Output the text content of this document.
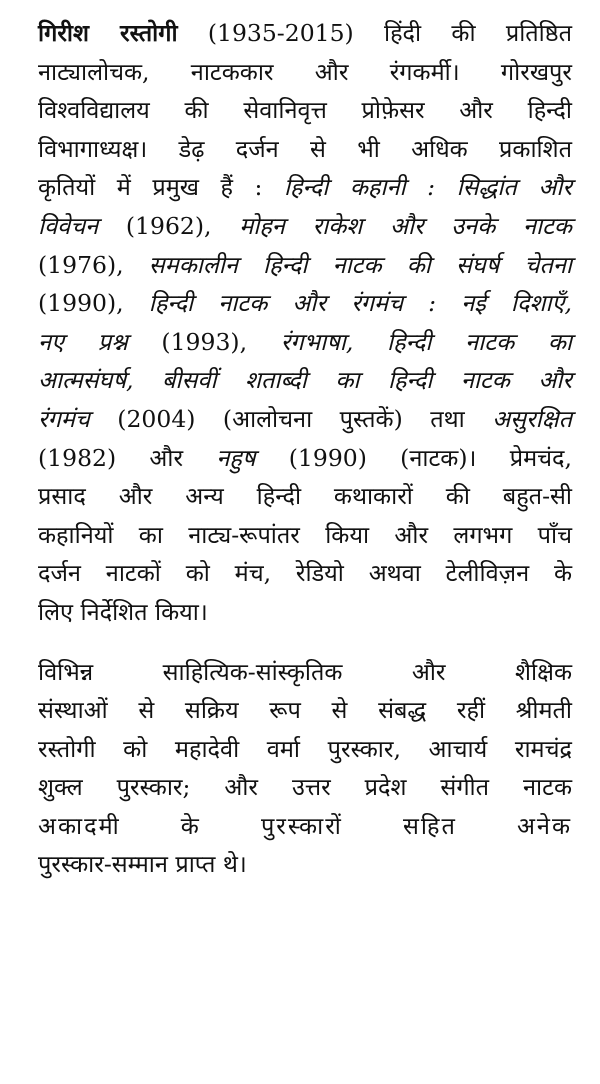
गिरीश रस्तोगी (1935-2015) हिंदी की प्रतिष्ठित
नाट्यालोचक, नाटककार और रंगकर्मी। गोरखपुर
विश्वविद्यालय की सेवानिवृत्त प्रोफ़ेसर और हिन्दी
विभागाध्यक्ष। डेढ़ दर्जन से भी अधिक प्रकाशित
कृतियों में प्रमुख हैं : हिन्दी कहानी : सिद्धांत और
विवेचन (1962), मोहन राकेश और उनके नाटक
(1976), समकालीन हिन्दी नाटक की संघर्ष चेतना
(1990), हिन्दी नाटक और रंगमंच : नई दिशाएँ,
नए प्रश्न (1993), रंगभाषा, हिन्दी नाटक का
आत्मसंघर्ष, बीसवीं शताब्दी का हिन्दी नाटक और
रंगमंच (2004) (आलोचना पुस्तकें) तथा असुरक्षित
(1982) और नहुष (1990) (नाटक)। प्रेमचंद,
प्रसाद और अन्य हिन्दी कथाकारों की बहुत-सी
कहानियों का नाट्य-रूपांतर किया और लगभग पाँच
दर्जन नाटकों को मंच, रेडियो अथवा टेलीविज़न के
लिए निर्देशित किया।
विभिन्न साहित्यिक-सांस्कृतिक और शैक्षिक
संस्थाओं से सक्रिय रूप से संबद्ध रहीं श्रीमती
रस्तोगी को महादेवी वर्मा पुरस्कार, आचार्य रामचंद्र
शुक्ल पुरस्कार; और उत्तर प्रदेश संगीत नाटक
अकादमी के पुरस्कारों सहित अनेक
पुरस्कार-सम्मान प्राप्त थे।
